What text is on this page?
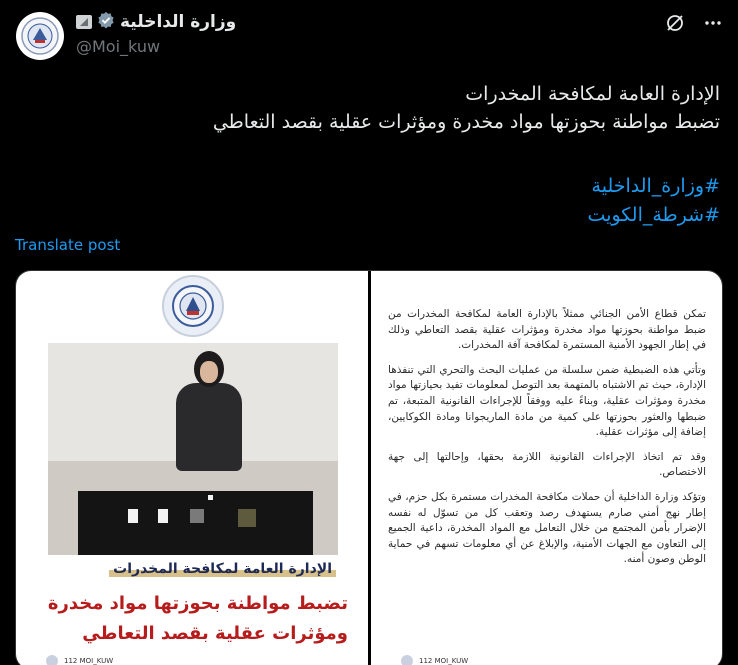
وزارة الداخلية
@Moi_kuw
الإدارة العامة لمكافحة المخدرات
تضبط مواطنة بحوزتها مواد مخدرة ومؤثرات عقلية بقصد التعاطي
#وزارة_الداخلية
#شرطة_الكويت
Translate post
الإدارة العامة لمكافحة المخدرات
تضبط مواطنة بحوزتها مواد مخدرة
ومؤثرات عقلية بقصد التعاطي
112 MOI_KUW

تمكن قطاع الأمن الجنائي ممثلاً بالإدارة العامة لمكافحة المخدرات من ضبط مواطنة بحوزتها مواد مخدرة ومؤثرات عقلية بقصد التعاطي وذلك في إطار الجهود الأمنية المستمرة لمكافحة آفة المخدرات.

وتأتي هذه الضبطية ضمن سلسلة من عمليات البحث والتحري التي تنفذها الإدارة، حيث تم الاشتباه بالمتهمة بعد التوصل لمعلومات تفيد بحيازتها مواد مخدرة ومؤثرات عقلية، وبناءً عليه ووفقاً للإجراءات القانونية المتبعة، تم ضبطها والعثور بحوزتها على كمية من مادة الماريجوانا ومادة الكوكايين، إضافة إلى مؤثرات عقلية.

وقد تم اتخاذ الإجراءات القانونية اللازمة بحقها، وإحالتها إلى جهة الاختصاص.

وتؤكد وزارة الداخلية أن حملات مكافحة المخدرات مستمرة بكل حزم، في إطار نهج أمني صارم يستهدف رصد وتعقب كل من تسوّل له نفسه الإضرار بأمن المجتمع من خلال التعامل مع المواد المخدرة، داعية الجميع إلى التعاون مع الجهات الأمنية، والإبلاغ عن أي معلومات تسهم في حماية الوطن وصون أمنه.

112 MOI_KUW
